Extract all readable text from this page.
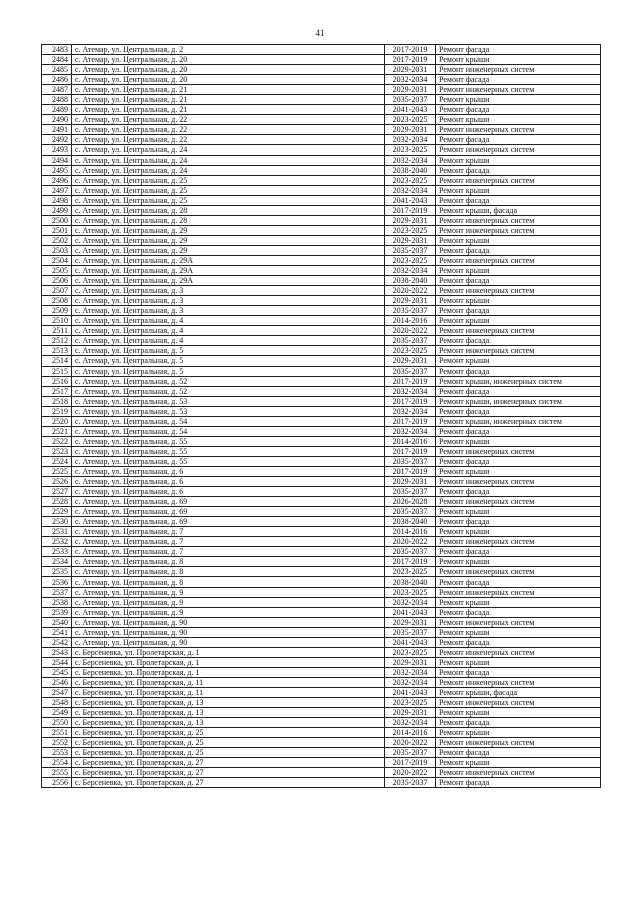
41
2483	с. Атемар, ул. Центральная, д. 2	2017-2019	Ремонт фасада
2484	с. Атемар, ул. Центральная, д. 20	2017-2019	Ремонт крыши
2485	с. Атемар, ул. Центральная, д. 20	2029-2031	Ремонт инженерных систем
2486	с. Атемар, ул. Центральная, д. 20	2032-2034	Ремонт фасада
2487	с. Атемар, ул. Центральная, д. 21	2029-2031	Ремонт инженерных систем
2488	с. Атемар, ул. Центральная, д. 21	2035-2037	Ремонт крыши
2489	с. Атемар, ул. Центральная, д. 21	2041-2043	Ремонт фасада
2490	с. Атемар, ул. Центральная, д. 22	2023-2025	Ремонт крыши
2491	с. Атемар, ул. Центральная, д. 22	2029-2031	Ремонт инженерных систем
2492	с. Атемар, ул. Центральная, д. 22	2032-2034	Ремонт фасада
2493	с. Атемар, ул. Центральная, д. 24	2023-2025	Ремонт инженерных систем
2494	с. Атемар, ул. Центральная, д. 24	2032-2034	Ремонт крыши
2495	с. Атемар, ул. Центральная, д. 24	2038-2040	Ремонт фасада
2496	с. Атемар, ул. Центральная, д. 25	2023-2025	Ремонт инженерных систем
2497	с. Атемар, ул. Центральная, д. 25	2032-2034	Ремонт крыши
2498	с. Атемар, ул. Центральная, д. 25	2041-2043	Ремонт фасада
2499	с. Атемар, ул. Центральная, д. 28	2017-2019	Ремонт крыши, фасада
2500	с. Атемар, ул. Центральная, д. 28	2029-2031	Ремонт инженерных систем
2501	с. Атемар, ул. Центральная, д. 29	2023-2025	Ремонт инженерных систем
2502	с. Атемар, ул. Центральная, д. 29	2029-2031	Ремонт крыши
2503	с. Атемар, ул. Центральная, д. 29	2035-2037	Ремонт фасада
2504	с. Атемар, ул. Центральная, д. 29А	2023-2025	Ремонт инженерных систем
2505	с. Атемар, ул. Центральная, д. 29А	2032-2034	Ремонт крыши
2506	с. Атемар, ул. Центральная, д. 29А	2038-2040	Ремонт фасада
2507	с. Атемар, ул. Центральная, д. 3	2020-2022	Ремонт инженерных систем
2508	с. Атемар, ул. Центральная, д. 3	2029-2031	Ремонт крыши
2509	с. Атемар, ул. Центральная, д. 3	2035-2037	Ремонт фасада
2510	с. Атемар, ул. Центральная, д. 4	2014-2016	Ремонт крыши
2511	с. Атемар, ул. Центральная, д. 4	2020-2022	Ремонт инженерных систем
2512	с. Атемар, ул. Центральная, д. 4	2035-2037	Ремонт фасада
2513	с. Атемар, ул. Центральная, д. 5	2023-2025	Ремонт инженерных систем
2514	с. Атемар, ул. Центральная, д. 5	2029-2031	Ремонт крыши
2515	с. Атемар, ул. Центральная, д. 5	2035-2037	Ремонт фасада
2516	с. Атемар, ул. Центральная, д. 52	2017-2019	Ремонт крыши, инженерных систем
2517	с. Атемар, ул. Центральная, д. 52	2032-2034	Ремонт фасада
2518	с. Атемар, ул. Центральная, д. 53	2017-2019	Ремонт крыши, инженерных систем
2519	с. Атемар, ул. Центральная, д. 53	2032-2034	Ремонт фасада
2520	с. Атемар, ул. Центральная, д. 54	2017-2019	Ремонт крыши, инженерных систем
2521	с. Атемар, ул. Центральная, д. 54	2032-2034	Ремонт фасада
2522	с. Атемар, ул. Центральная, д. 55	2014-2016	Ремонт крыши
2523	с. Атемар, ул. Центральная, д. 55	2017-2019	Ремонт инженерных систем
2524	с. Атемар, ул. Центральная, д. 55	2035-2037	Ремонт фасада
2525	с. Атемар, ул. Центральная, д. 6	2017-2019	Ремонт крыши
2526	с. Атемар, ул. Центральная, д. 6	2029-2031	Ремонт инженерных систем
2527	с. Атемар, ул. Центральная, д. 6	2035-2037	Ремонт фасада
2528	с. Атемар, ул. Центральная, д. 69	2026-2028	Ремонт инженерных систем
2529	с. Атемар, ул. Центральная, д. 69	2035-2037	Ремонт крыши
2530	с. Атемар, ул. Центральная, д. 69	2038-2040	Ремонт фасада
2531	с. Атемар, ул. Центральная, д. 7	2014-2016	Ремонт крыши
2532	с. Атемар, ул. Центральная, д. 7	2020-2022	Ремонт инженерных систем
2533	с. Атемар, ул. Центральная, д. 7	2035-2037	Ремонт фасада
2534	с. Атемар, ул. Центральная, д. 8	2017-2019	Ремонт крыши
2535	с. Атемар, ул. Центральная, д. 8	2023-2025	Ремонт инженерных систем
2536	с. Атемар, ул. Центральная, д. 8	2038-2040	Ремонт фасада
2537	с. Атемар, ул. Центральная, д. 9	2023-2025	Ремонт инженерных систем
2538	с. Атемар, ул. Центральная, д. 9	2032-2034	Ремонт крыши
2539	с. Атемар, ул. Центральная, д. 9	2041-2043	Ремонт фасада
2540	с. Атемар, ул. Центральная, д. 90	2029-2031	Ремонт инженерных систем
2541	с. Атемар, ул. Центральная, д. 90	2035-2037	Ремонт крыши
2542	с. Атемар, ул. Центральная, д. 90	2041-2043	Ремонт фасада
2543	с. Берсеневка, ул. Пролетарская, д. 1	2023-2025	Ремонт инженерных систем
2544	с. Берсеневка, ул. Пролетарская, д. 1	2029-2031	Ремонт крыши
2545	с. Берсеневка, ул. Пролетарская, д. 1	2032-2034	Ремонт фасада
2546	с. Берсеневка, ул. Пролетарская, д. 11	2032-2034	Ремонт инженерных систем
2547	с. Берсеневка, ул. Пролетарская, д. 11	2041-2043	Ремонт крыши, фасада
2548	с. Берсеневка, ул. Пролетарская, д. 13	2023-2025	Ремонт инженерных систем
2549	с. Берсеневка, ул. Пролетарская, д. 13	2029-2031	Ремонт крыши
2550	с. Берсеневка, ул. Пролетарская, д. 13	2032-2034	Ремонт фасада
2551	с. Берсеневка, ул. Пролетарская, д. 25	2014-2016	Ремонт крыши
2552	с. Берсеневка, ул. Пролетарская, д. 25	2020-2022	Ремонт инженерных систем
2553	с. Берсеневка, ул. Пролетарская, д. 25	2035-2037	Ремонт фасада
2554	с. Берсеневка, ул. Пролетарская, д. 27	2017-2019	Ремонт крыши
2555	с. Берсеневка, ул. Пролетарская, д. 27	2020-2022	Ремонт инженерных систем
2556	с. Берсеневка, ул. Пролетарская, д. 27	2035-2037	Ремонт фасада
